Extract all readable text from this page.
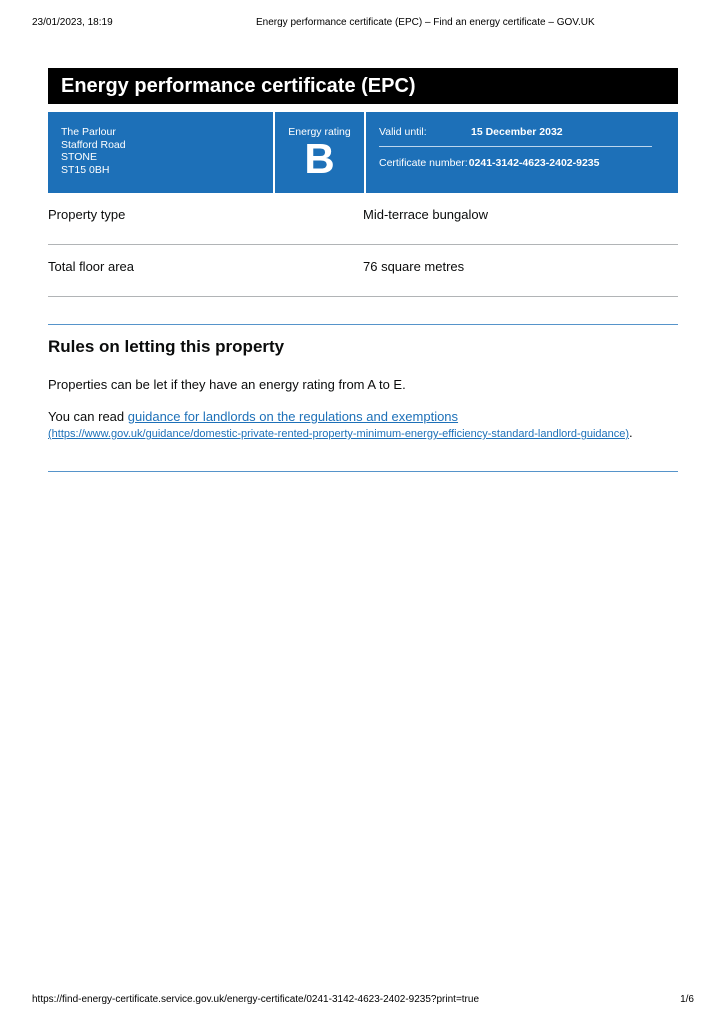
23/01/2023, 18:19	Energy performance certificate (EPC) – Find an energy certificate – GOV.UK
Energy performance certificate (EPC)
The Parlour
Stafford Road
STONE
ST15 0BH
Energy rating
B
Valid until:	15 December 2032
Certificate number: 0241-3142-4623-2402-9235
Property type	Mid-terrace bungalow
Total floor area	76 square metres
Rules on letting this property

Properties can be let if they have an energy rating from A to E.

You can read guidance for landlords on the regulations and exemptions
(https://www.gov.uk/guidance/domestic-private-rented-property-minimum-energy-efficiency-standard-landlord-guidance).

https://find-energy-certificate.service.gov.uk/energy-certificate/0241-3142-4623-2402-9235?print=true	1/6
